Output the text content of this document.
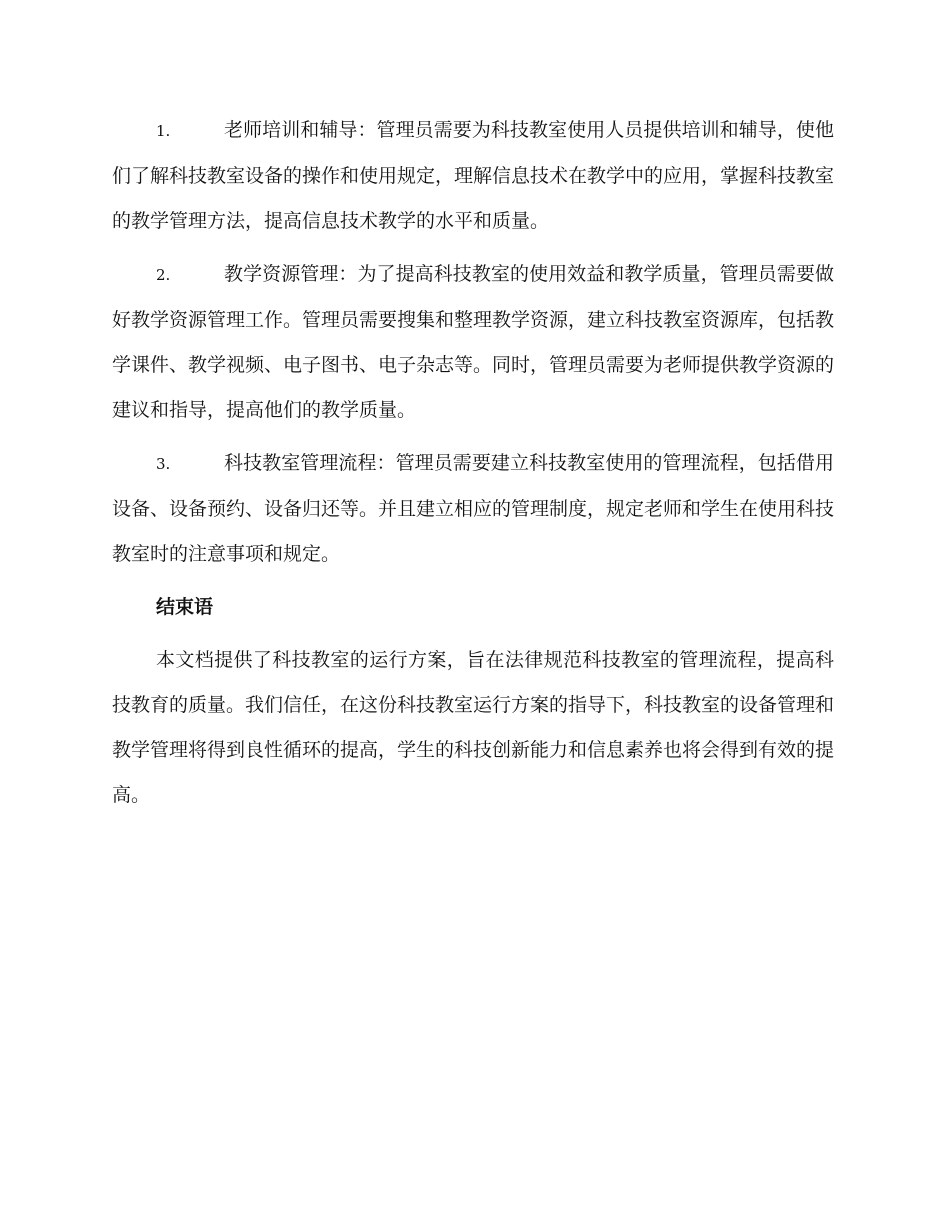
1.	老师培训和辅导：管理员需要为科技教室使用人员提供培训和辅导，使他们了解科技教室设备的操作和使用规定，理解信息技术在教学中的应用，掌握科技教室的教学管理方法，提高信息技术教学的水平和质量。
2.	教学资源管理：为了提高科技教室的使用效益和教学质量，管理员需要做好教学资源管理工作。管理员需要搜集和整理教学资源，建立科技教室资源库，包括教学课件、教学视频、电子图书、电子杂志等。同时，管理员需要为老师提供教学资源的建议和指导，提高他们的教学质量。
3.	科技教室管理流程：管理员需要建立科技教室使用的管理流程，包括借用设备、设备预约、设备归还等。并且建立相应的管理制度，规定老师和学生在使用科技教室时的注意事项和规定。
结束语

本文档提供了科技教室的运行方案，旨在法律规范科技教室的管理流程，提高科技教育的质量。我们信任，在这份科技教室运行方案的指导下，科技教室的设备管理和教学管理将得到良性循环的提高，学生的科技创新能力和信息素养也将会得到有效的提高。
